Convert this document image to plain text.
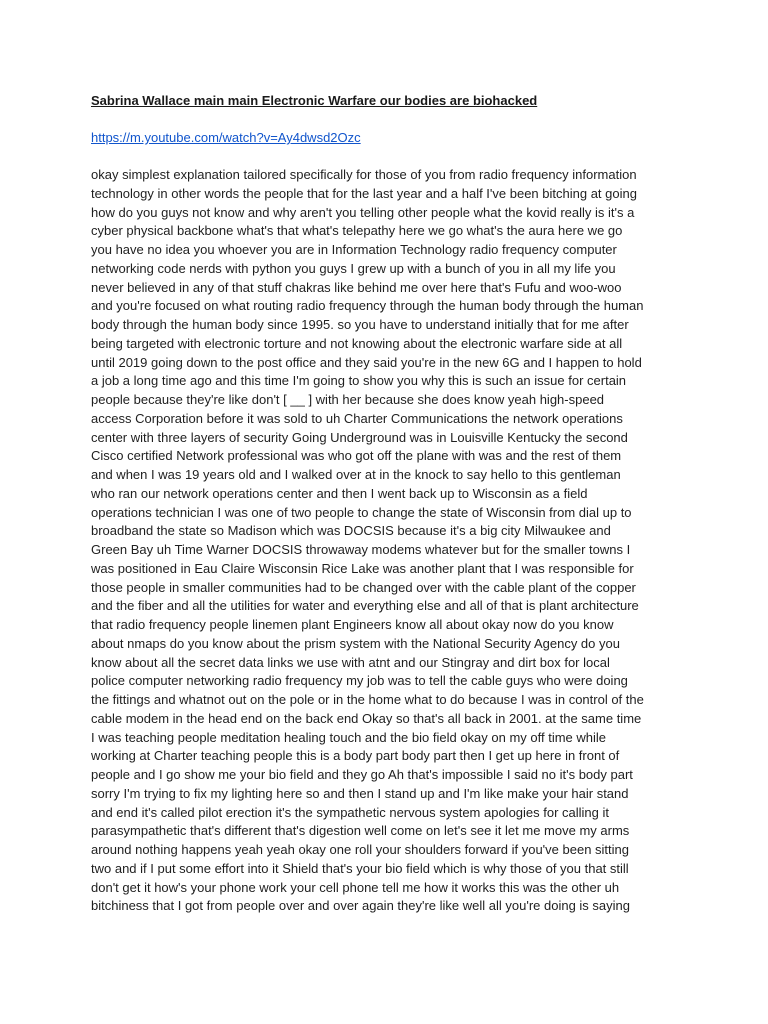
Sabrina Wallace main main Electronic Warfare our bodies are biohacked
https://m.youtube.com/watch?v=Ay4dwsd2Ozc
okay simplest explanation tailored specifically for those of you from radio frequency information
technology in other words the people that for the last year and a half I've been bitching at going
how do you guys not know and why aren't you telling other people what the kovid really is it's a
cyber physical backbone what's that what's telepathy here we go what's the aura here we go
you have no idea you whoever you are in Information Technology radio frequency computer
networking code nerds with python you guys I grew up with a bunch of you in all my life you
never believed in any of that stuff chakras like behind me over here that's Fufu and woo-woo
and you're focused on what routing radio frequency through the human body through the human
body through the human body since 1995. so you have to understand initially that for me after
being targeted with electronic torture and not knowing about the electronic warfare side at all
until 2019 going down to the post office and they said you're in the new 6G and I happen to hold
a job a long time ago and this time I'm going to show you why this is such an issue for certain
people because they're like don't [ __ ] with her because she does know yeah high-speed
access Corporation before it was sold to uh Charter Communications the network operations
center with three layers of security Going Underground was in Louisville Kentucky the second
Cisco certified Network professional was who got off the plane with was and the rest of them
and when I was 19 years old and I walked over at in the knock to say hello to this gentleman
who ran our network operations center and then I went back up to Wisconsin as a field
operations technician I was one of two people to change the state of Wisconsin from dial up to
broadband the state so Madison which was DOCSIS because it's a big city Milwaukee and
Green Bay uh Time Warner DOCSIS throwaway modems whatever but for the smaller towns I
was positioned in Eau Claire Wisconsin Rice Lake was another plant that I was responsible for
those people in smaller communities had to be changed over with the cable plant of the copper
and the fiber and all the utilities for water and everything else and all of that is plant architecture
that radio frequency people linemen plant Engineers know all about okay now do you know
about nmaps do you know about the prism system with the National Security Agency do you
know about all the secret data links we use with atnt and our Stingray and dirt box for local
police computer networking radio frequency my job was to tell the cable guys who were doing
the fittings and whatnot out on the pole or in the home what to do because I was in control of the
cable modem in the head end on the back end Okay so that's all back in 2001. at the same time
I was teaching people meditation healing touch and the bio field okay on my off time while
working at Charter teaching people this is a body part body part then I get up here in front of
people and I go show me your bio field and they go Ah that's impossible I said no it's body part
sorry I'm trying to fix my lighting here so and then I stand up and I'm like make your hair stand
and end it's called pilot erection it's the sympathetic nervous system apologies for calling it
parasympathetic that's different that's digestion well come on let's see it let me move my arms
around nothing happens yeah yeah okay one roll your shoulders forward if you've been sitting
two and if I put some effort into it Shield that's your bio field which is why those of you that still
don't get it how's your phone work your cell phone tell me how it works this was the other uh
bitchiness that I got from people over and over again they're like well all you're doing is saying
